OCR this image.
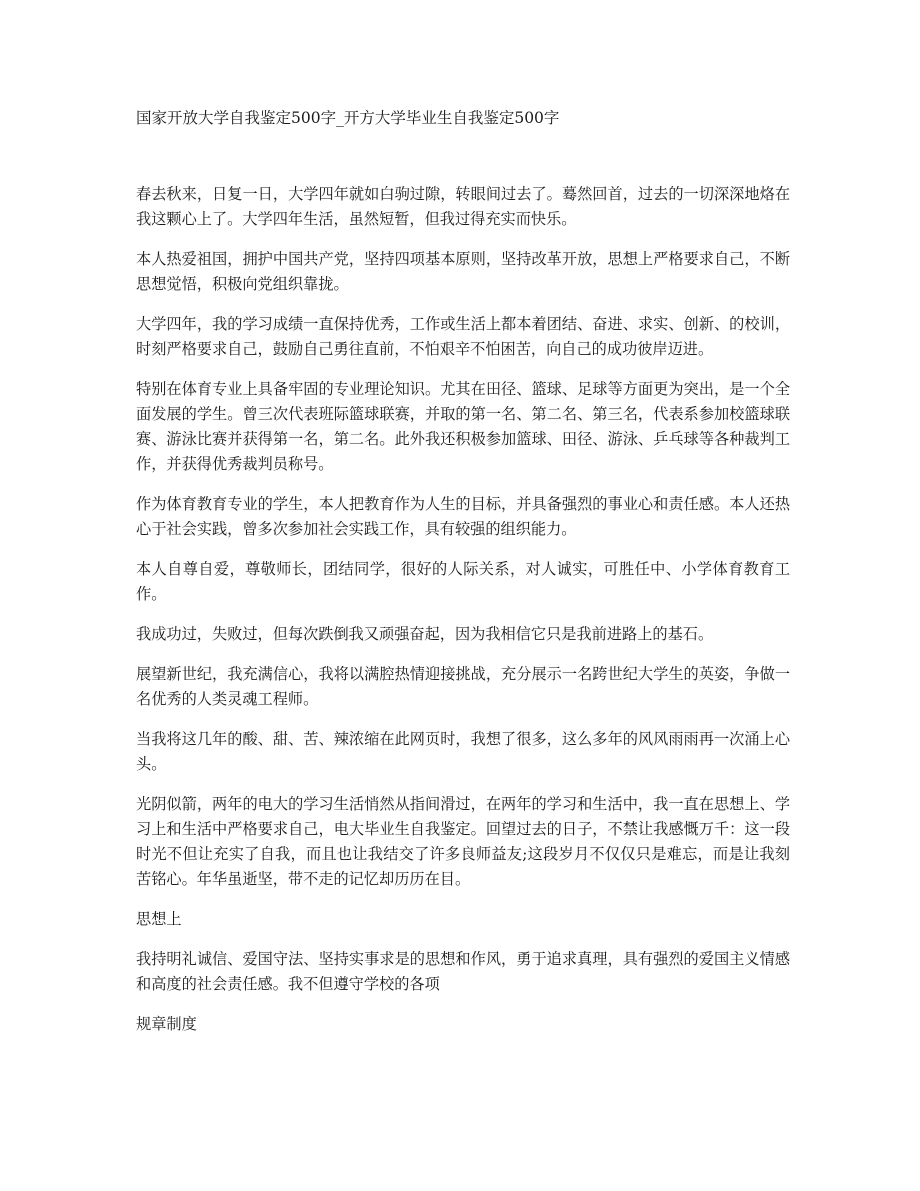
国家开放大学自我鉴定500字_开方大学毕业生自我鉴定500字

春去秋来，日复一日，大学四年就如白驹过隙，转眼间过去了。蓦然回首，过去的一切深深地烙在我这颗心上了。大学四年生活，虽然短暂，但我过得充实而快乐。

本人热爱祖国，拥护中国共产党，坚持四项基本原则，坚持改革开放，思想上严格要求自己，不断思想觉悟，积极向党组织靠拢。

大学四年，我的学习成绩一直保持优秀，工作或生活上都本着团结、奋进、求实、创新、的校训，时刻严格要求自己，鼓励自己勇往直前，不怕艰辛不怕困苦，向自己的成功彼岸迈进。

特别在体育专业上具备牢固的专业理论知识。尤其在田径、篮球、足球等方面更为突出，是一个全面发展的学生。曾三次代表班际篮球联赛，并取的第一名、第二名、第三名，代表系参加校篮球联赛、游泳比赛并获得第一名，第二名。此外我还积极参加篮球、田径、游泳、乒乓球等各种裁判工作，并获得优秀裁判员称号。

作为体育教育专业的学生，本人把教育作为人生的目标，并具备强烈的事业心和责任感。本人还热心于社会实践，曾多次参加社会实践工作，具有较强的组织能力。

本人自尊自爱，尊敬师长，团结同学，很好的人际关系，对人诚实，可胜任中、小学体育教育工作。

我成功过，失败过，但每次跌倒我又顽强奋起，因为我相信它只是我前进路上的基石。

展望新世纪，我充满信心，我将以满腔热情迎接挑战，充分展示一名跨世纪大学生的英姿，争做一名优秀的人类灵魂工程师。

当我将这几年的酸、甜、苦、辣浓缩在此网页时，我想了很多，这么多年的风风雨雨再一次涌上心头。

光阴似箭，两年的电大的学习生活悄然从指间滑过，在两年的学习和生活中，我一直在思想上、学习上和生活中严格要求自己，电大毕业生自我鉴定。回望过去的日子，不禁让我感慨万千：这一段时光不但让充实了自我，而且也让我结交了许多良师益友;这段岁月不仅仅只是难忘，而是让我刻苦铭心。年华虽逝坚，带不走的记忆却历历在目。

思想上

我持明礼诚信、爱国守法、坚持实事求是的思想和作风，勇于追求真理，具有强烈的爱国主义情感和高度的社会责任感。我不但遵守学校的各项

规章制度
